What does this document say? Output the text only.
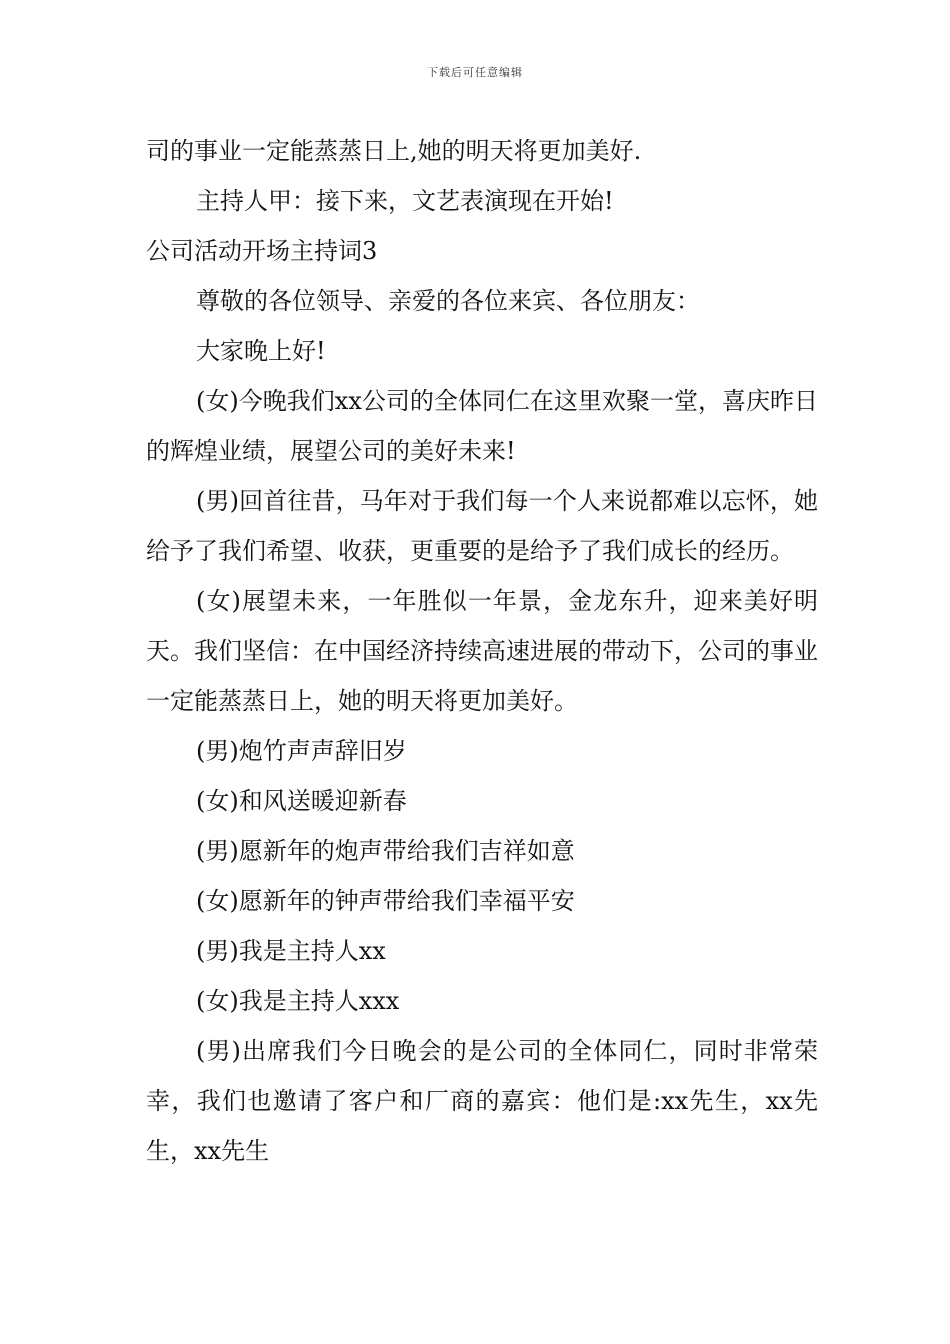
下载后可任意编辑

司的事业一定能蒸蒸日上,她的明天将更加美好.

主持人甲：接下来，文艺表演现在开始!

公司活动开场主持词3

尊敬的各位领导、亲爱的各位来宾、各位朋友：

大家晚上好!

(女)今晚我们xx公司的全体同仁在这里欢聚一堂，喜庆昨日的辉煌业绩，展望公司的美好未来!

(男)回首往昔，马年对于我们每一个人来说都难以忘怀，她给予了我们希望、收获，更重要的是给予了我们成长的经历。

(女)展望未来，一年胜似一年景，金龙东升，迎来美好明天。我们坚信：在中国经济持续高速进展的带动下，公司的事业一定能蒸蒸日上，她的明天将更加美好。

(男)炮竹声声辞旧岁

(女)和风送暖迎新春

(男)愿新年的炮声带给我们吉祥如意

(女)愿新年的钟声带给我们幸福平安

(男)我是主持人xx

(女)我是主持人xxx

(男)出席我们今日晚会的是公司的全体同仁，同时非常荣幸，我们也邀请了客户和厂商的嘉宾：他们是:xx先生，xx先生，xx先生
